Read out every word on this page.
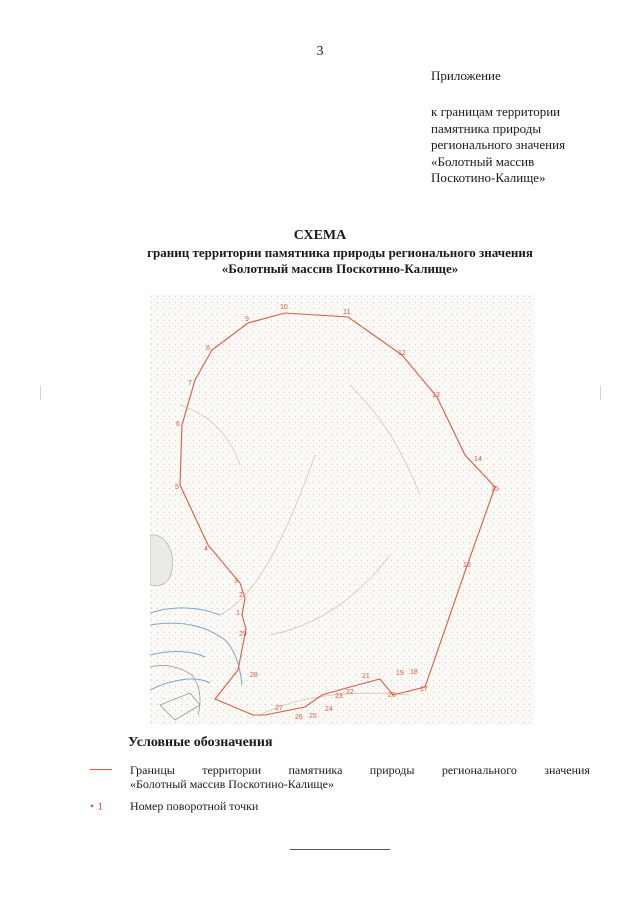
3
Приложение
к границам территории
памятника природы
регионального значения
«Болотный массив
Поскотино-Калище»
СХЕМА
границ территории памятника природы регионального значения
«Болотный массив Поскотино-Калище»
1
2
3
4
5
6
7
8
9
10
11
12
13
14
15
16
17
18
19
20
21
22
23
24
25
26
27
28
29
Условные обозначения
Границы территории памятника природы регионального значения
«Болотный массив Поскотино-Калище»
• 1 Номер поворотной точки
